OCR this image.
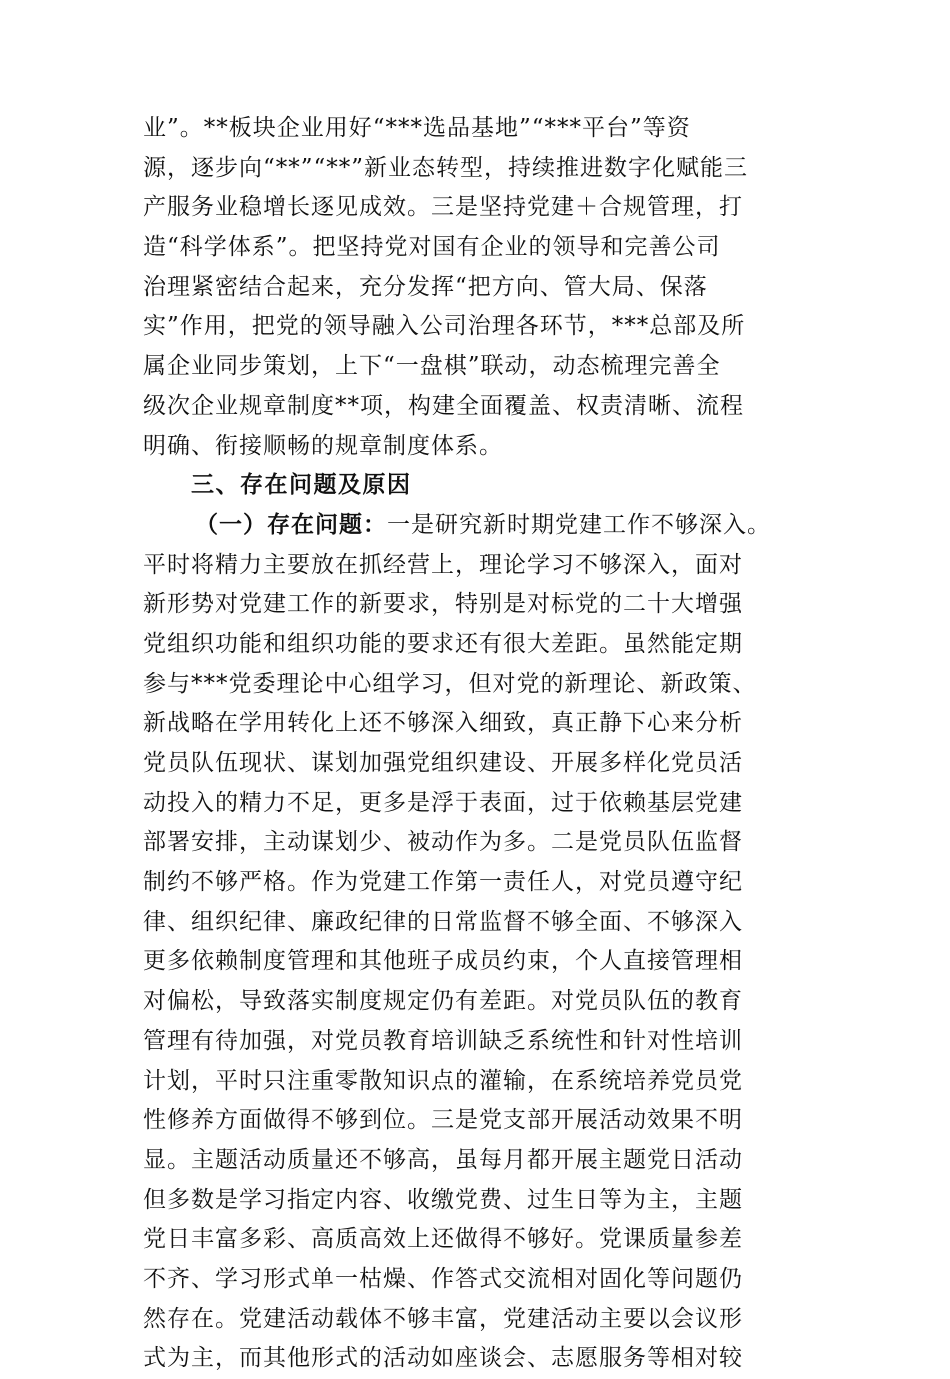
业”。**板块企业用好“***选品基地”“***平台”等资
源，逐步向“**”“**”新业态转型，持续推进数字化赋能三
产服务业稳增长逐见成效。三是坚持党建＋合规管理，打
造“科学体系”。把坚持党对国有企业的领导和完善公司
治理紧密结合起来，充分发挥“把方向、管大局、保落
实”作用，把党的领导融入公司治理各环节，***总部及所
属企业同步策划，上下“一盘棋”联动，动态梳理完善全
级次企业规章制度**项，构建全面覆盖、权责清晰、流程
明确、衔接顺畅的规章制度体系。
三、存在问题及原因
（一）存在问题：一是研究新时期党建工作不够深入。
平时将精力主要放在抓经营上，理论学习不够深入，面对
新形势对党建工作的新要求，特别是对标党的二十大增强
党组织功能和组织功能的要求还有很大差距。虽然能定期
参与***党委理论中心组学习，但对党的新理论、新政策、
新战略在学用转化上还不够深入细致，真正静下心来分析
党员队伍现状、谋划加强党组织建设、开展多样化党员活
动投入的精力不足，更多是浮于表面，过于依赖基层党建
部署安排，主动谋划少、被动作为多。二是党员队伍监督
制约不够严格。作为党建工作第一责任人，对党员遵守纪
律、组织纪律、廉政纪律的日常监督不够全面、不够深入
更多依赖制度管理和其他班子成员约束，个人直接管理相
对偏松，导致落实制度规定仍有差距。对党员队伍的教育
管理有待加强，对党员教育培训缺乏系统性和针对性培训
计划，平时只注重零散知识点的灌输，在系统培养党员党
性修养方面做得不够到位。三是党支部开展活动效果不明
显。主题活动质量还不够高，虽每月都开展主题党日活动
但多数是学习指定内容、收缴党费、过生日等为主，主题
党日丰富多彩、高质高效上还做得不够好。党课质量参差
不齐、学习形式单一枯燥、作答式交流相对固化等问题仍
然存在。党建活动载体不够丰富，党建活动主要以会议形
式为主，而其他形式的活动如座谈会、志愿服务等相对较
